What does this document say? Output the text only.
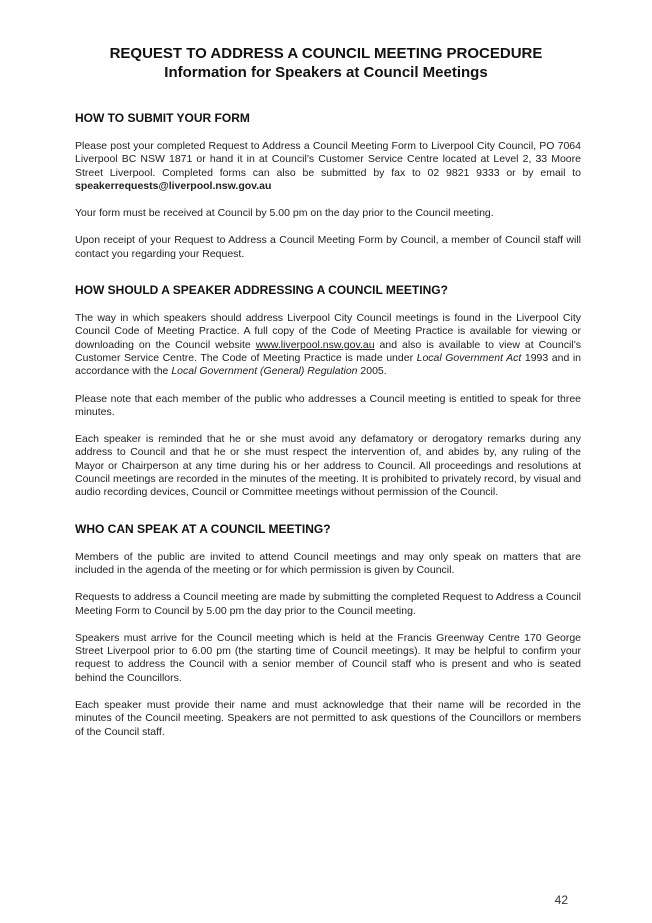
REQUEST TO ADDRESS A COUNCIL MEETING PROCEDURE
Information for Speakers at Council Meetings
HOW TO SUBMIT YOUR FORM

Please post your completed Request to Address a Council Meeting Form to Liverpool City Council, PO 7064 Liverpool BC NSW 1871 or hand it in at Council’s Customer Service Centre located at Level 2, 33 Moore Street Liverpool. Completed forms can also be submitted by fax to 02 9821 9333 or by email to speakerrequests@liverpool.nsw.gov.au

Your form must be received at Council by 5.00 pm on the day prior to the Council meeting.

Upon receipt of your Request to Address a Council Meeting Form by Council, a member of Council staff will contact you regarding your Request.

HOW SHOULD A SPEAKER ADDRESSING A COUNCIL MEETING?

The way in which speakers should address Liverpool City Council meetings is found in the Liverpool City Council Code of Meeting Practice. A full copy of the Code of Meeting Practice is available for viewing or downloading on the Council website www.liverpool.nsw.gov.au and also is available to view at Council’s Customer Service Centre. The Code of Meeting Practice is made under Local Government Act 1993 and in accordance with the Local Government (General) Regulation 2005.

Please note that each member of the public who addresses a Council meeting is entitled to speak for three minutes.

Each speaker is reminded that he or she must avoid any defamatory or derogatory remarks during any address to Council and that he or she must respect the intervention of, and abides by, any ruling of the Mayor or Chairperson at any time during his or her address to Council. All proceedings and resolutions at Council meetings are recorded in the minutes of the meeting. It is prohibited to privately record, by visual and audio recording devices, Council or Committee meetings without permission of the Council.

WHO CAN SPEAK AT A COUNCIL MEETING?

Members of the public are invited to attend Council meetings and may only speak on matters that are included in the agenda of the meeting or for which permission is given by Council.

Requests to address a Council meeting are made by submitting the completed Request to Address a Council Meeting Form to Council by 5.00 pm the day prior to the Council meeting.

Speakers must arrive for the Council meeting which is held at the Francis Greenway Centre 170 George Street Liverpool prior to 6.00 pm (the starting time of Council meetings). It may be helpful to confirm your request to address the Council with a senior member of Council staff who is present and who is seated behind the Councillors.

Each speaker must provide their name and must acknowledge that their name will be recorded in the minutes of the Council meeting. Speakers are not permitted to ask questions of the Councillors or members of the Council staff.

42
